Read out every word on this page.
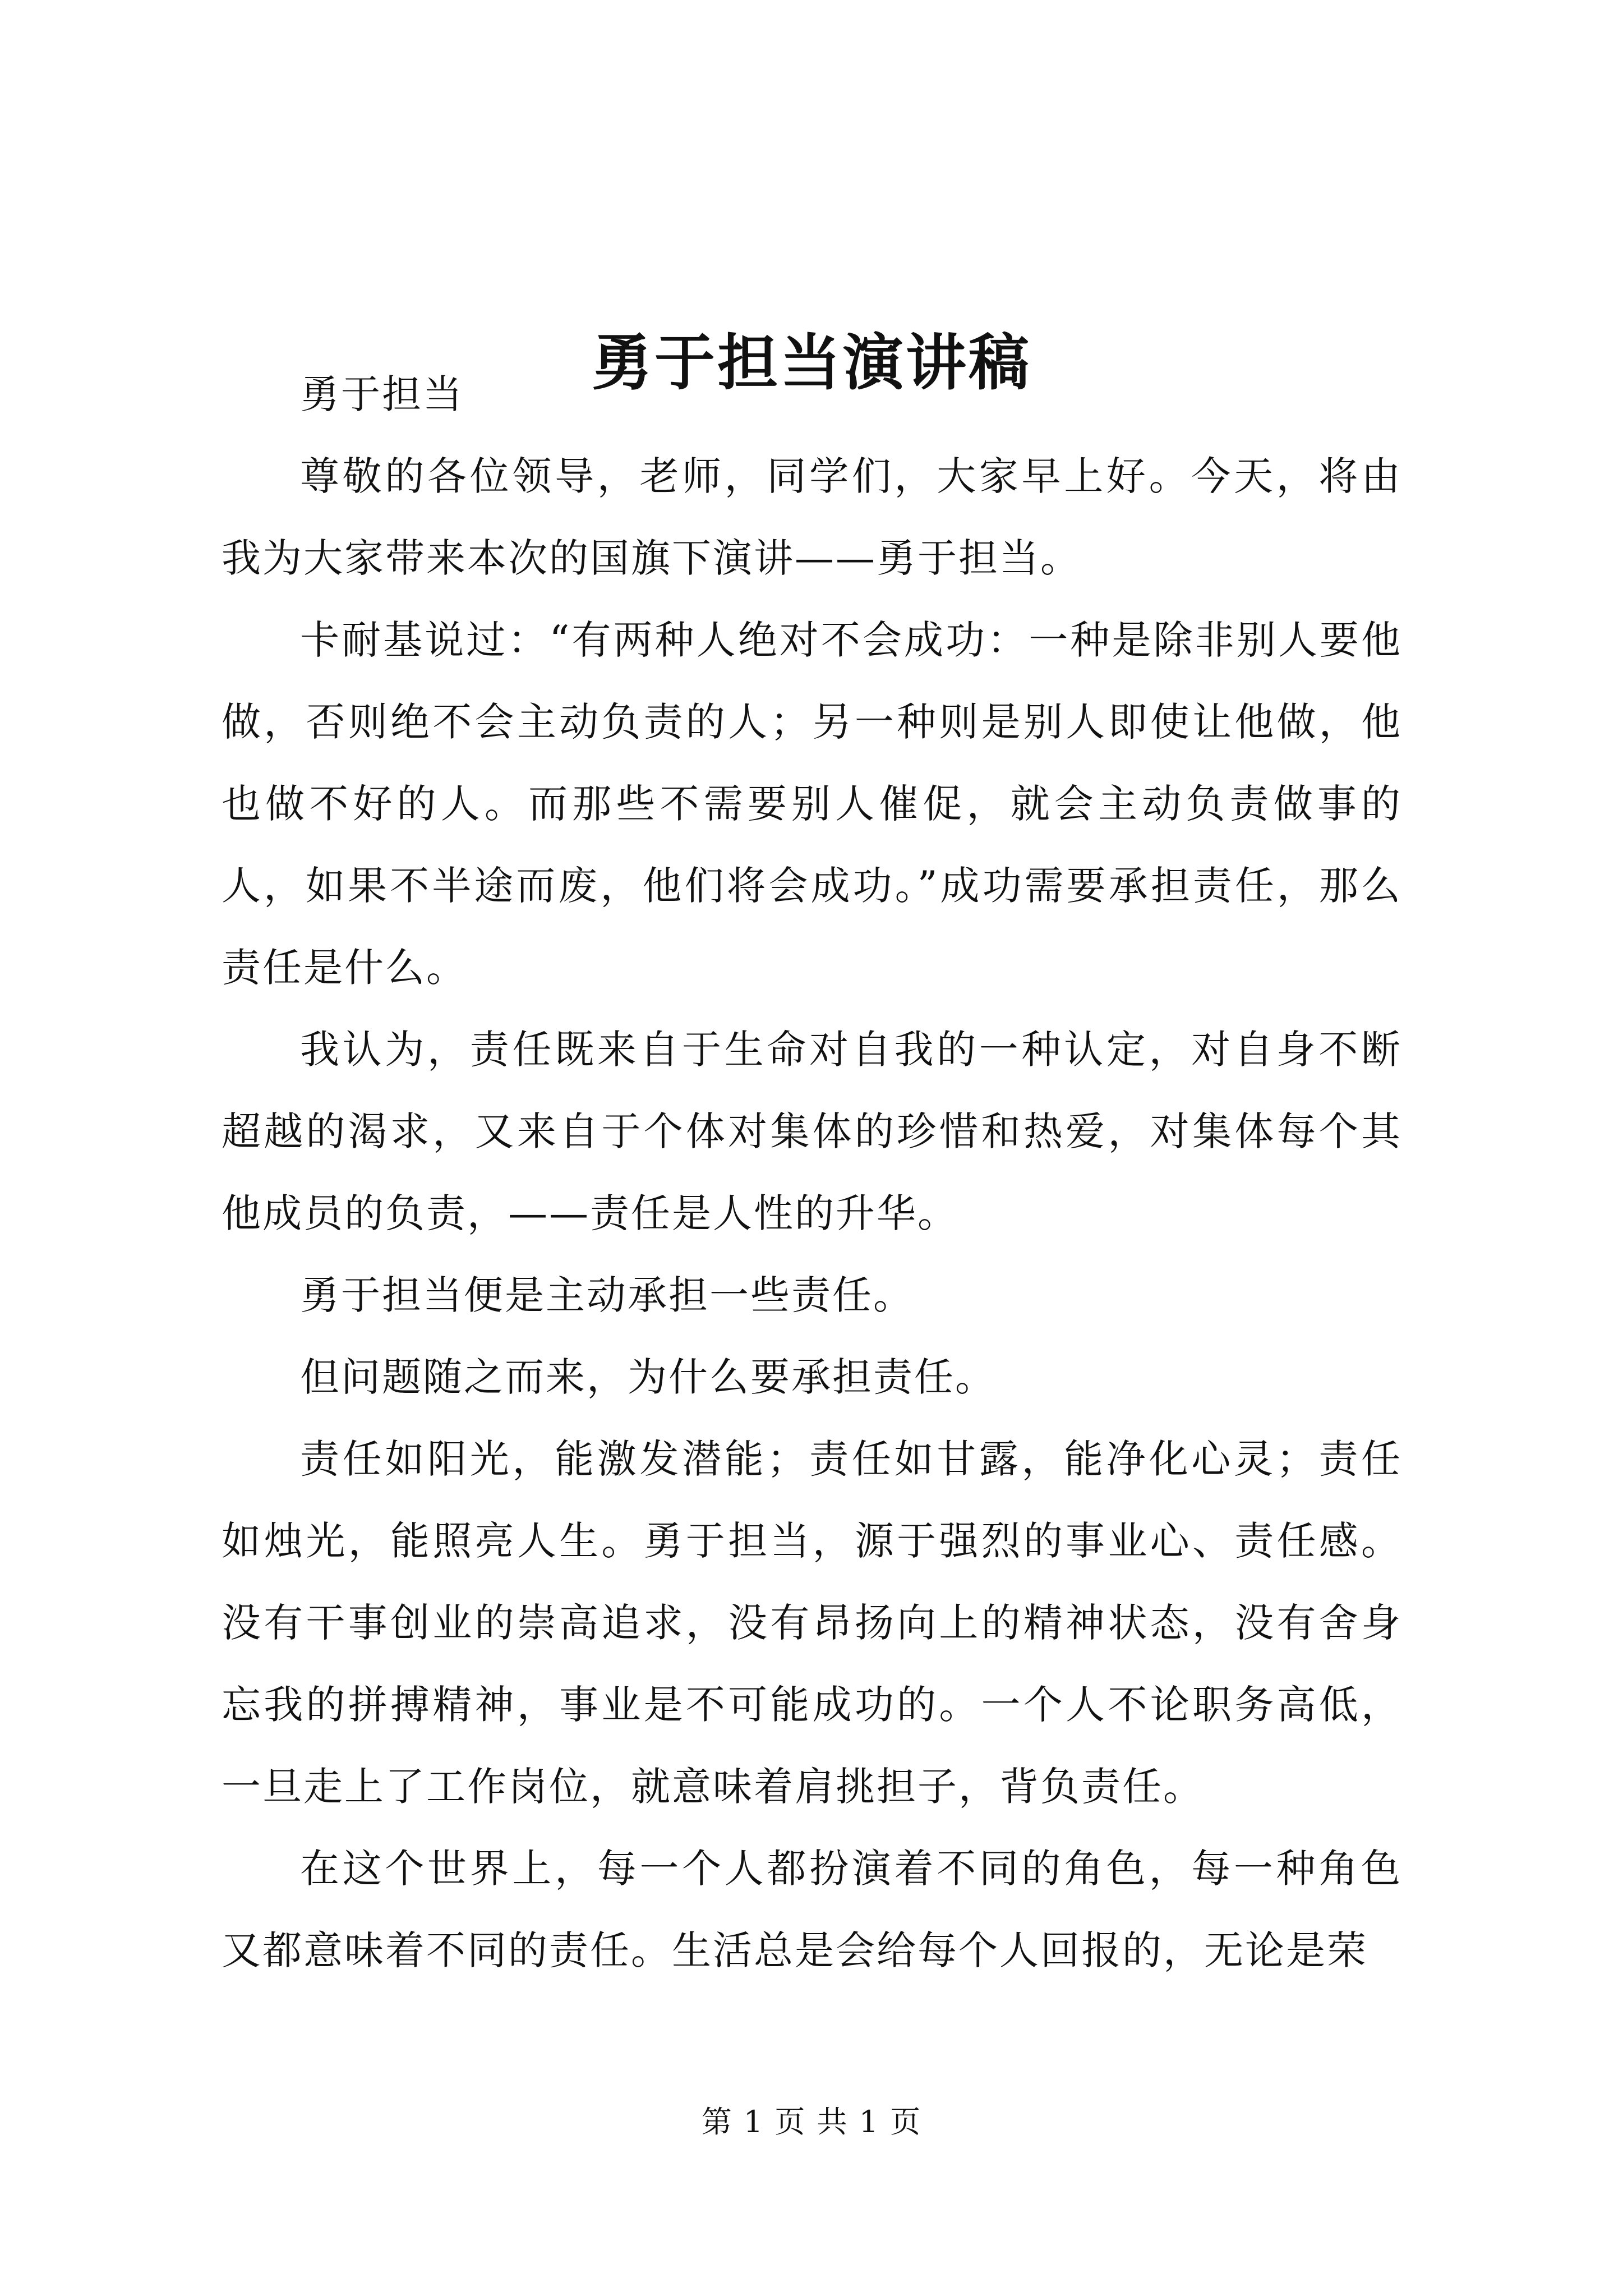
勇于担当演讲稿

勇于担当

尊敬的各位领导，老师，同学们，大家早上好。今天，将由我为大家带来本次的国旗下演讲——勇于担当。

卡耐基说过：“有两种人绝对不会成功：一种是除非别人要他做，否则绝不会主动负责的人；另一种则是别人即使让他做，他也做不好的人。而那些不需要别人催促，就会主动负责做事的人，如果不半途而废，他们将会成功。”成功需要承担责任，那么责任是什么。

我认为，责任既来自于生命对自我的一种认定，对自身不断超越的渴求，又来自于个体对集体的珍惜和热爱，对集体每个其他成员的负责，——责任是人性的升华。

勇于担当便是主动承担一些责任。

但问题随之而来，为什么要承担责任。

责任如阳光，能激发潜能；责任如甘露，能净化心灵；责任如烛光，能照亮人生。勇于担当，源于强烈的事业心、责任感。没有干事创业的崇高追求，没有昂扬向上的精神状态，没有舍身忘我的拼搏精神，事业是不可能成功的。一个人不论职务高低，一旦走上了工作岗位，就意味着肩挑担子，背负责任。

在这个世界上，每一个人都扮演着不同的角色，每一种角色又都意味着不同的责任。生活总是会给每个人回报的，无论是荣

第 1 页 共 1 页
